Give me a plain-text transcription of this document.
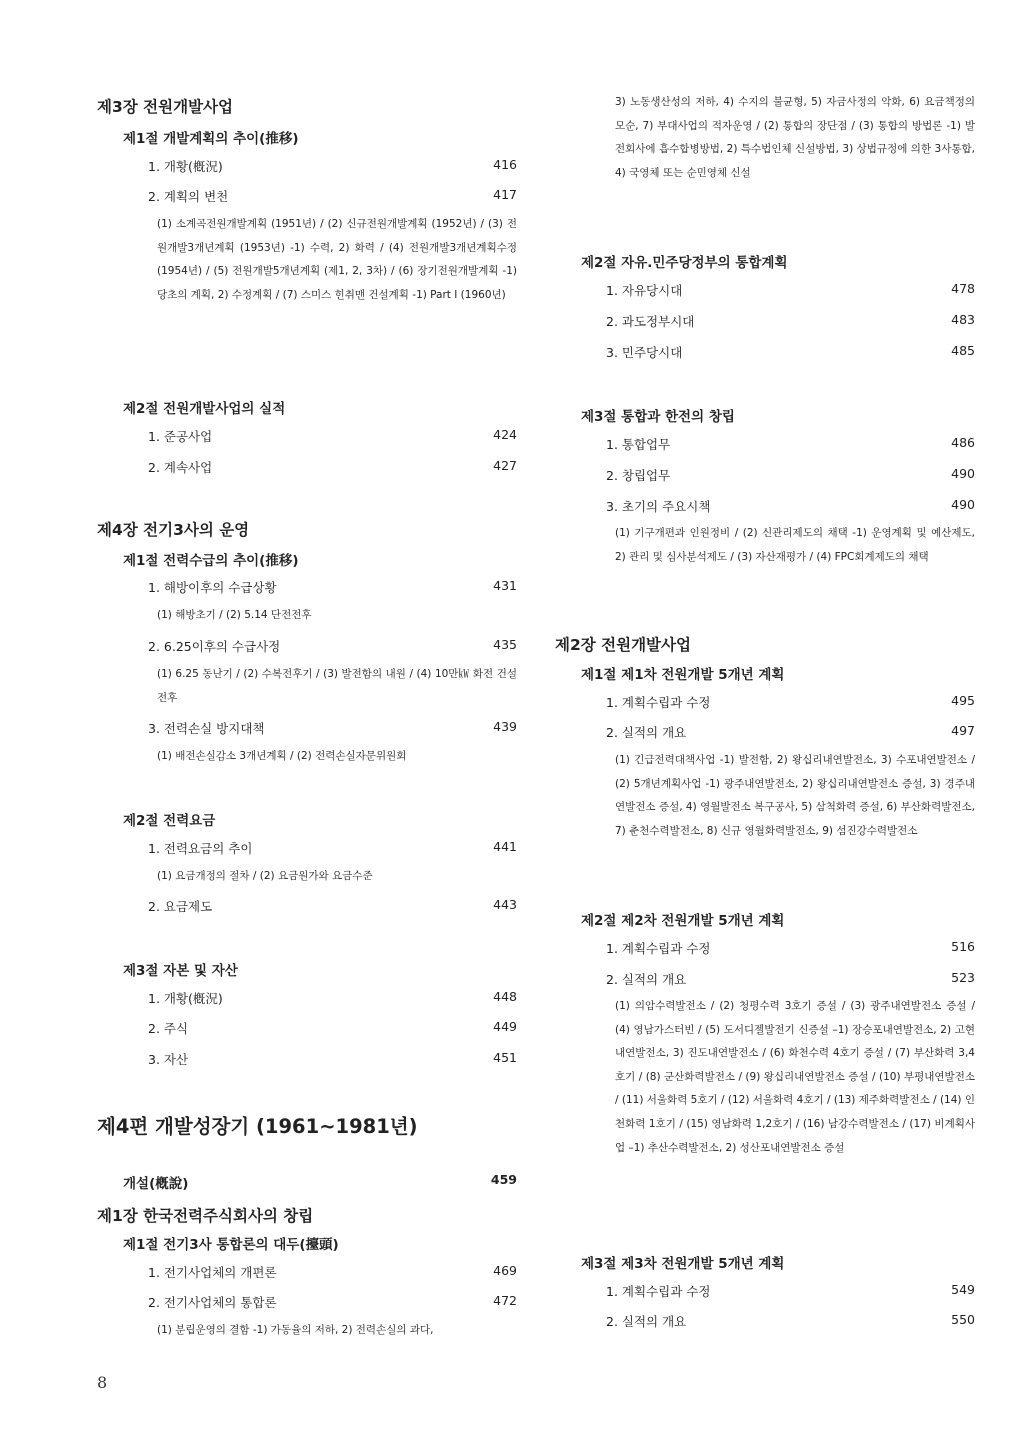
제3장 전원개발사업
제1절 개발계획의 추이(推移)
1. 개황(槪況)	416
2. 계획의 변천	417

(1) 소계곡전원개발계획 (1951년) / (2) 신규전원개발계획 (1952년) / (3) 전원개발3개년계획 (1953년) -1) 수력, 2) 화력 / (4) 전원개발3개년계획수정 (1954년) / (5) 전원개발5개년계획 (제1, 2, 3차) / (6) 장기전원개발계획 -1) 당초의 계획, 2) 수정계획 / (7) 스미스 힌취맨 건설계획 -1) Part Ⅰ (1960년)

제2절 전원개발사업의 실적
1. 준공사업	424
2. 계속사업	427
제4장 전기3사의 운영
제1절 전력수급의 추이(推移)
1. 해방이후의 수급상황	431

(1) 해방초기 / (2) 5.14 단전전후

2. 6.25이후의 수급사정	435

(1) 6.25 동난기 / (2) 수복전후기 / (3) 발전함의 내원 / (4) 10만㎾ 화전 건설전후

3. 전력손실 방지대책	439

(1) 배전손실감소 3개년계획 / (2) 전력손실자문위원회

제2절 전력요금
1. 전력요금의 추이	441

(1) 요금개정의 절차 / (2) 요금원가와 요금수준

2. 요금제도	443
제3절 자본 및 자산
1. 개황(槪況)	448
2. 주식	449
3. 자산	451
제4편 개발성장기 (1961~1981년)
개설(槪說)	459
제1장 한국전력주식회사의 창립
제1절 전기3사 통합론의 대두(擡頭)
1. 전기사업체의 개편론	469
2. 전기사업체의 통합론	472

(1) 분립운영의 결함 -1) 가동율의 저하, 2) 전력손실의 과다,

3) 노동생산성의 저하, 4) 수지의 불균형, 5) 자금사정의 악화, 6) 요금책정의 모순, 7) 부대사업의 적자운영 / (2) 통합의 장단점 / (3) 통합의 방법론 -1) 발전회사에 흡수합병방법, 2) 특수법인체 신설방법, 3) 상법규정에 의한 3사통합, 4) 국영체 또는 순민영체 신설

제2절 자유.민주당정부의 통합계획
1. 자유당시대	478
2. 과도정부시대	483
3. 민주당시대	485
제3절 통합과 한전의 창립
1. 통합업무	486
2. 창립업무	490
3. 초기의 주요시책	490

(1) 기구개편과 인원정비 / (2) 신관리제도의 채택 -1) 운영계획 및 예산제도, 2) 관리 및 심사분석제도 / (3) 자산재평가 / (4) FPC회계제도의 채택

제2장 전원개발사업
제1절 제1차 전원개발 5개년 계획
1. 계획수립과 수정	495
2. 실적의 개요	497

(1) 긴급전력대책사업 -1) 발전함, 2) 왕십리내연발전소, 3) 수포내연발전소 / (2) 5개년계획사업 -1) 광주내연발전소, 2) 왕십리내연발전소 증설, 3) 경주내연발전소 증설, 4) 영월발전소 복구공사, 5) 삼척화력 증설, 6) 부산화력발전소, 7) 춘천수력발전소, 8) 신규 영월화력발전소, 9) 섬진강수력발전소

제2절 제2차 전원개발 5개년 계획
1. 계획수립과 수정	516
2. 실적의 개요	523

(1) 의암수력발전소 / (2) 청평수력 3호기 증설 / (3) 광주내연발전소 증설 / (4) 영남가스터빈 / (5) 도서디젤발전기 신증설 –1) 장승포내연발전소, 2) 고현내연발전소, 3) 진도내연발전소 / (6) 화천수력 4호기 증설 / (7) 부산화력 3,4호기 / (8) 군산화력발전소 / (9) 왕십리내연발전소 증설 / (10) 부평내연발전소 / (11) 서울화력 5호기 / (12) 서울화력 4호기 / (13) 제주화력발전소 / (14) 인천화력 1호기 / (15) 영남화력 1,2호기 / (16) 남강수력발전소 / (17) 비계획사업 –1) 추산수력발전소, 2) 성산포내연발전소 증설

제3절 제3차 전원개발 5개년 계획
1. 계획수립과 수정	549
2. 실적의 개요	550
8
